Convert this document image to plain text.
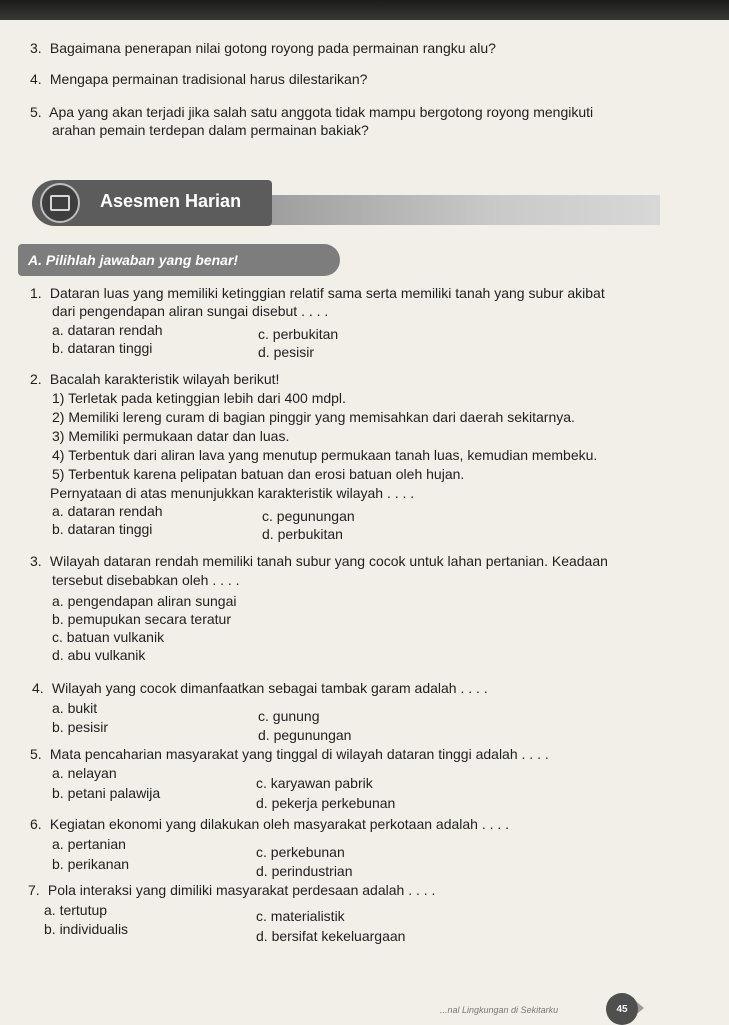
3. Bagaimana penerapan nilai gotong royong pada permainan rangku alu?
4. Mengapa permainan tradisional harus dilestarikan?
5. Apa yang akan terjadi jika salah satu anggota tidak mampu bergotong royong mengikuti
arahan pemain terdepan dalam permainan bakiak?
Asesmen Harian
A. Pilihlah jawaban yang benar!
1. Dataran luas yang memiliki ketinggian relatif sama serta memiliki tanah yang subur akibat
dari pengendapan aliran sungai disebut . . . .
a. dataran rendah
b. dataran tinggi
c. perbukitan
d. pesisir
2. Bacalah karakteristik wilayah berikut!
1) Terletak pada ketinggian lebih dari 400 mdpl.
2) Memiliki lereng curam di bagian pinggir yang memisahkan dari daerah sekitarnya.
3) Memiliki permukaan datar dan luas.
4) Terbentuk dari aliran lava yang menutup permukaan tanah luas, kemudian membeku.
5) Terbentuk karena pelipatan batuan dan erosi batuan oleh hujan.
Pernyataan di atas menunjukkan karakteristik wilayah . . . .
a. dataran rendah
b. dataran tinggi
c. pegunungan
d. perbukitan
3. Wilayah dataran rendah memiliki tanah subur yang cocok untuk lahan pertanian. Keadaan
tersebut disebabkan oleh . . . .
a. pengendapan aliran sungai
b. pemupukan secara teratur
c. batuan vulkanik
d. abu vulkanik
4. Wilayah yang cocok dimanfaatkan sebagai tambak garam adalah . . . .
a. bukit
b. pesisir
c. gunung
d. pegunungan
5. Mata pencaharian masyarakat yang tinggal di wilayah dataran tinggi adalah . . . .
a. nelayan
b. petani palawija
c. karyawan pabrik
d. pekerja perkebunan
6. Kegiatan ekonomi yang dilakukan oleh masyarakat perkotaan adalah . . . .
a. pertanian
b. perikanan
c. perkebunan
d. perindustrian
7. Pola interaksi yang dimiliki masyarakat perdesaan adalah . . . .
a. tertutup
b. individualis
c. materialistik
d. bersifat kekeluargaan
...nal Lingkungan di Sekitarku	45
